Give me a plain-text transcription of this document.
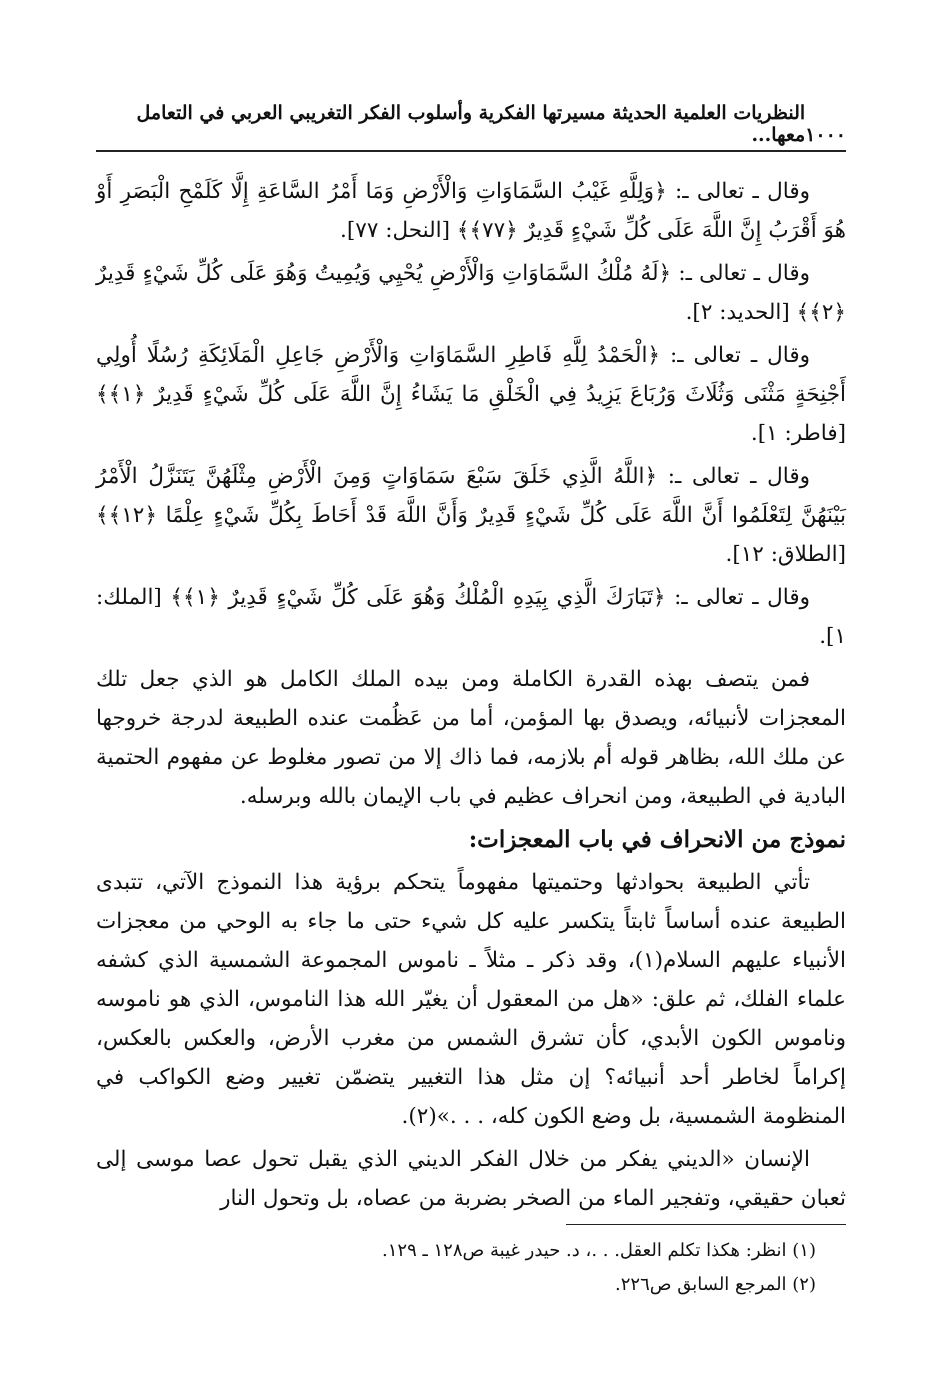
١٠٠٠
النظريات العلمية الحديثة مسيرتها الفكرية وأسلوب الفكر التغريبي العربي في التعامل معها...

وقال ـ تعالى ـ: ﴿وَلِلَّهِ غَيْبُ السَّمَاوَاتِ وَالْأَرْضِ وَمَا أَمْرُ السَّاعَةِ إِلَّا كَلَمْحِ الْبَصَرِ أَوْ هُوَ أَقْرَبُ إِنَّ اللَّهَ عَلَى كُلِّ شَيْءٍ قَدِيرٌ ﴿٧٧﴾﴾ [النحل: ٧٧].

وقال ـ تعالى ـ: ﴿لَهُ مُلْكُ السَّمَاوَاتِ وَالْأَرْضِ يُحْيِي وَيُمِيتُ وَهُوَ عَلَى كُلِّ شَيْءٍ قَدِيرٌ ﴿٢﴾﴾ [الحديد: ٢].

وقال ـ تعالى ـ: ﴿الْحَمْدُ لِلَّهِ فَاطِرِ السَّمَاوَاتِ وَالْأَرْضِ جَاعِلِ الْمَلَائِكَةِ رُسُلًا أُولِي أَجْنِحَةٍ مَثْنَى وَثُلَاثَ وَرُبَاعَ يَزِيدُ فِي الْخَلْقِ مَا يَشَاءُ إِنَّ اللَّهَ عَلَى كُلِّ شَيْءٍ قَدِيرٌ ﴿١﴾﴾ [فاطر: ١].

وقال ـ تعالى ـ: ﴿اللَّهُ الَّذِي خَلَقَ سَبْعَ سَمَاوَاتٍ وَمِنَ الْأَرْضِ مِثْلَهُنَّ يَتَنَزَّلُ الْأَمْرُ بَيْنَهُنَّ لِتَعْلَمُوا أَنَّ اللَّهَ عَلَى كُلِّ شَيْءٍ قَدِيرٌ وَأَنَّ اللَّهَ قَدْ أَحَاطَ بِكُلِّ شَيْءٍ عِلْمًا ﴿١٢﴾﴾ [الطلاق: ١٢].

وقال ـ تعالى ـ: ﴿تَبَارَكَ الَّذِي بِيَدِهِ الْمُلْكُ وَهُوَ عَلَى كُلِّ شَيْءٍ قَدِيرٌ ﴿١﴾﴾ [الملك: ١].

فمن يتصف بهذه القدرة الكاملة ومن بيده الملك الكامل هو الذي جعل تلك المعجزات لأنبيائه، ويصدق بها المؤمن، أما من عَظُمت عنده الطبيعة لدرجة خروجها عن ملك الله، بظاهر قوله أم بلازمه، فما ذاك إلا من تصور مغلوط عن مفهوم الحتمية البادية في الطبيعة، ومن انحراف عظيم في باب الإيمان بالله وبرسله.

نموذج من الانحراف في باب المعجزات:

تأتي الطبيعة بحوادثها وحتميتها مفهوماً يتحكم برؤية هذا النموذج الآتي، تتبدى الطبيعة عنده أساساً ثابتاً يتكسر عليه كل شيء حتى ما جاء به الوحي من معجزات الأنبياء عليهم السلام(١)، وقد ذكر ـ مثلاً ـ ناموس المجموعة الشمسية الذي كشفه علماء الفلك، ثم علق: «هل من المعقول أن يغيّر الله هذا الناموس، الذي هو ناموسه وناموس الكون الأبدي، كأن تشرق الشمس من مغرب الأرض، والعكس بالعكس، إكراماً لخاطر أحد أنبيائه؟ إن مثل هذا التغيير يتضمّن تغيير وضع الكواكب في المنظومة الشمسية، بل وضع الكون كله، . . .»(٢).

الإنسان «الديني يفكر من خلال الفكر الديني الذي يقبل تحول عصا موسى إلى ثعبان حقيقي، وتفجير الماء من الصخر بضربة من عصاه، بل وتحول النار

(١) انظر: هكذا تكلم العقل. . .، د. حيدر غيبة ص١٢٨ ـ ١٢٩.
(٢) المرجع السابق ص٢٢٦.
